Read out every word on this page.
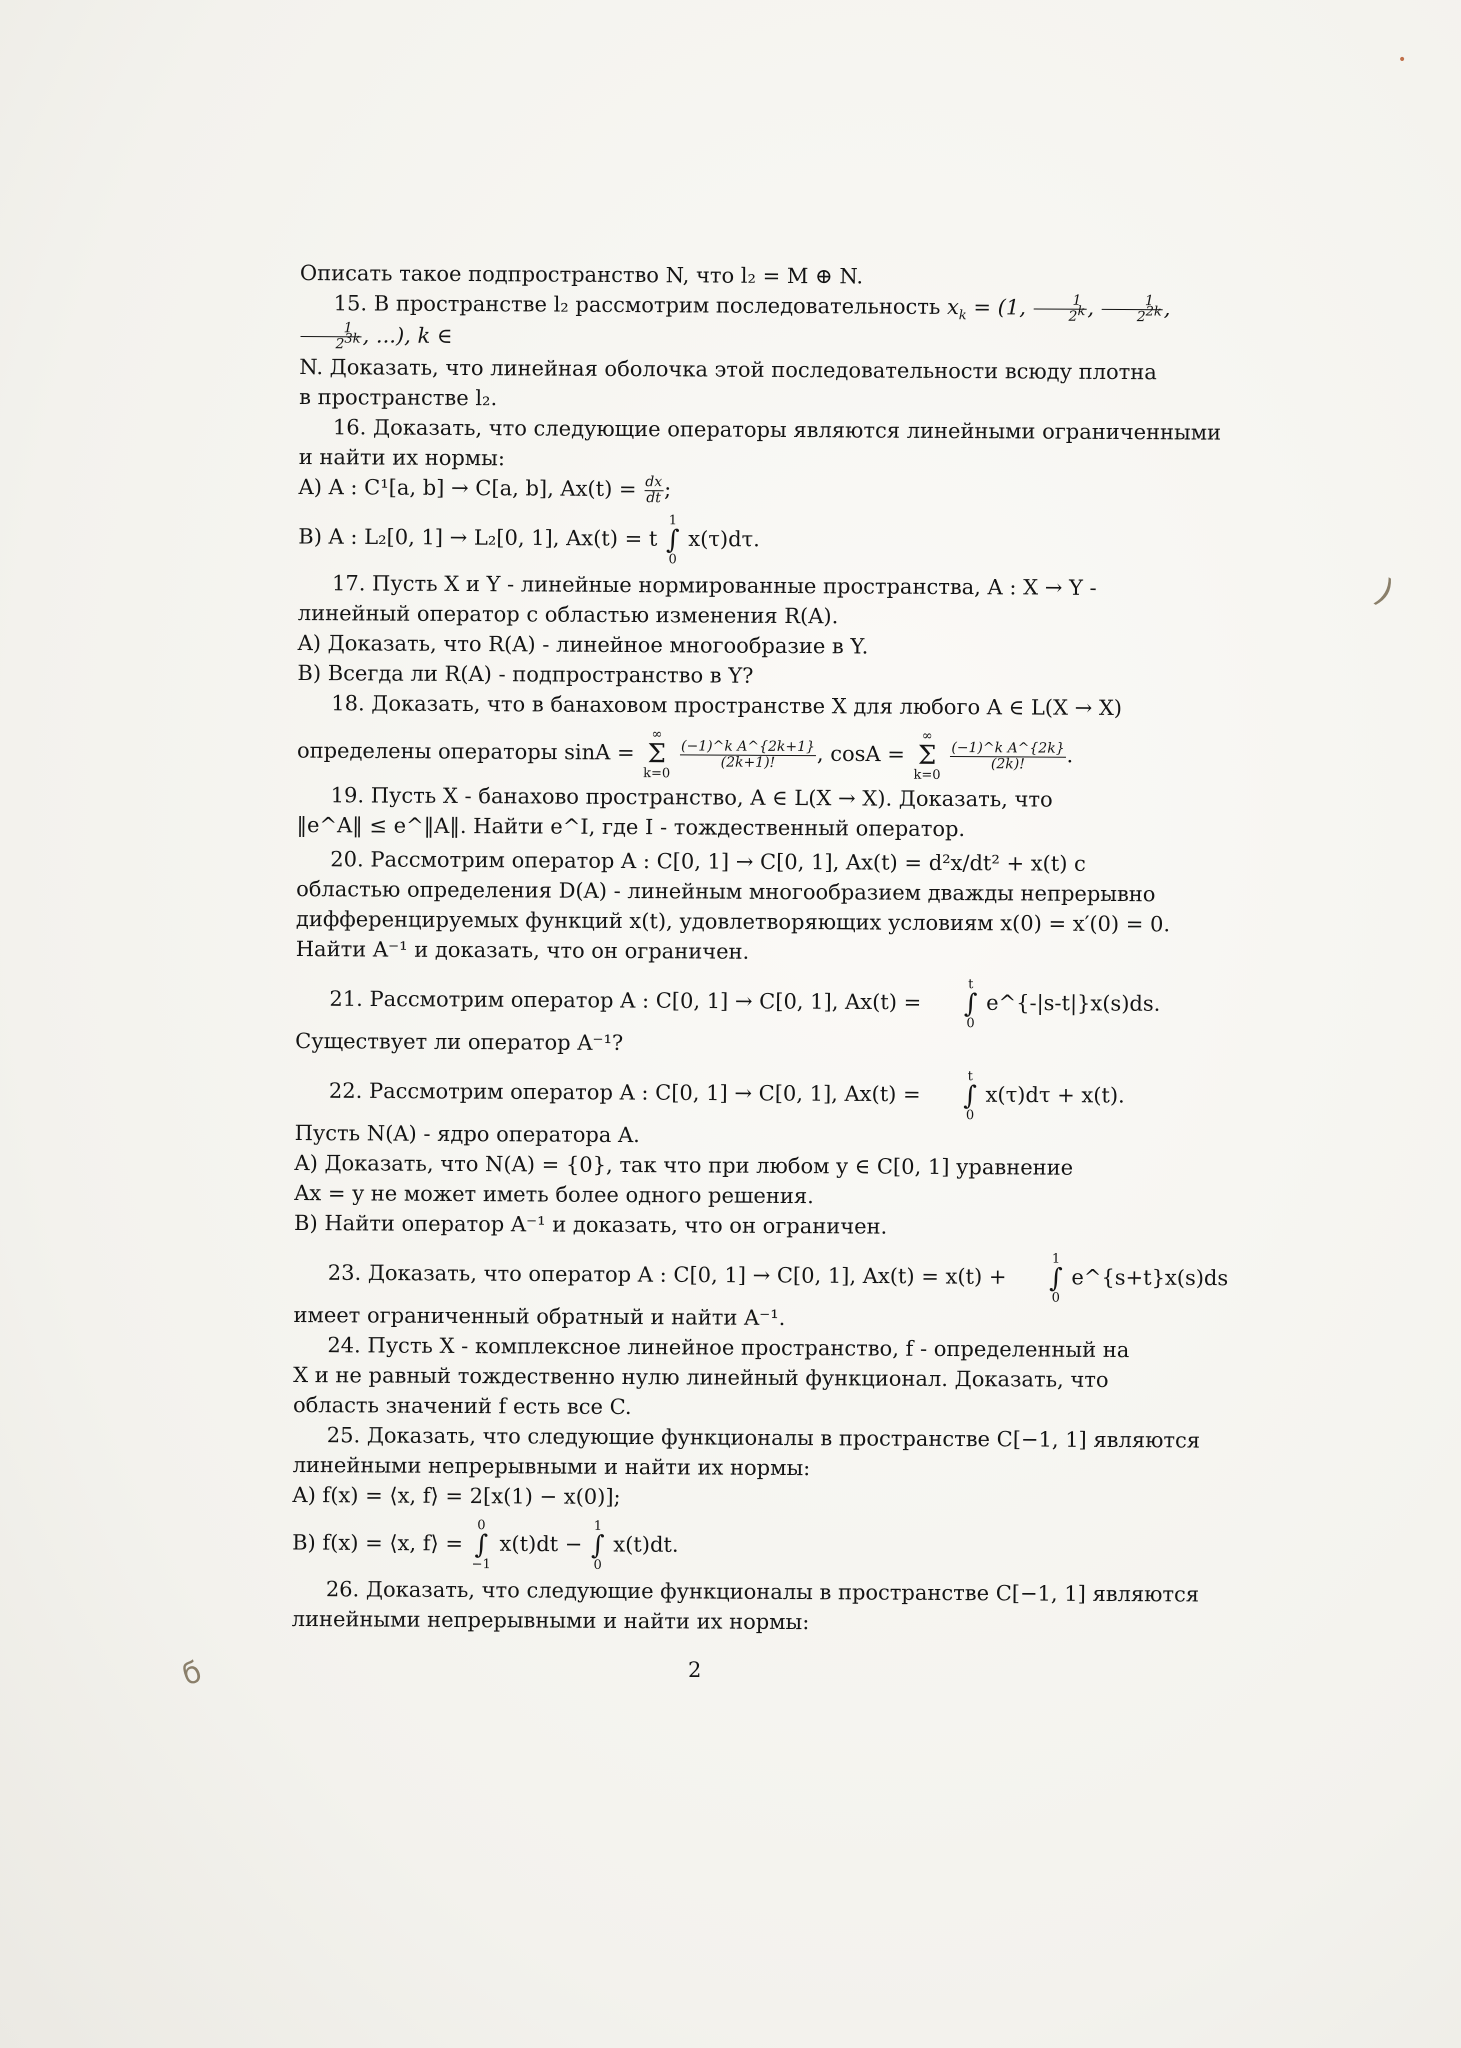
•
ϭ
)

Описать такое подпространство N, что l₂ = M ⊕ N.

15. В пространстве l₂ рассмотрим последовательность $x_k = (1$, $\frac{1}{2^k}$ , $\frac{1}{2^{2k}}$ ,
$\frac{1}{2^{3k}}$ , ...), k ∈

N. Доказать, что линейная оболочка этой последовательности всюду плотна

в пространстве l₂.

16. Доказать, что следующие операторы являются линейными ограниченными

и найти их нормы:

A) A : C¹[a, b] → C[a, b], $Ax(t) = \frac{dx}{dt}$ ;

B) A : L₂[0, 1] → L₂[0, 1], Ax(t) = t
1
∫
0
x(τ)dτ.

17. Пусть X и Y - линейные нормированные пространства, A : X → Y -

линейный оператор с областью изменения R(A).

A) Доказать, что R(A) - линейное многообразие в Y.

B) Всегда ли R(A) - подпространство в Y?

18. Доказать, что в банаховом пространстве X для любого A ∈ L(X → X)

определены операторы sinA =
∞
Σ
k=0

$\frac{\text{(−1)\textasciicircum{}k A\textasciicircum{}\{2k+1\}}}{(2k+1)!}$ , cosA =
∞
Σ
k=0

$\frac{\text{(−1)\textasciicircum{}k A\textasciicircum{}\{2k\}}}{(2k)!}$ .

19. Пусть X - банахово пространство, A ∈ L(X → X). Доказать, что

‖e^A‖ ≤ e^‖A‖. Найти e^I, где I - тождественный оператор.

20. Рассмотрим оператор A : C[0, 1] → C[0, 1], Ax(t) = d²x/dt² + x(t) с

областью определения D(A) - линейным многообразием дважды непрерывно

дифференцируемых функций x(t), удовлетворяющих условиям x(0) = x′(0) = 0.

Найти A⁻¹ и доказать, что он ограничен.

21. Рассмотрим оператор A : C[0, 1] → C[0, 1], Ax(t) =
t
∫
0
e^{-|s-t|}x(s)ds.

Существует ли оператор A⁻¹?

22. Рассмотрим оператор A : C[0, 1] → C[0, 1], Ax(t) =
t
∫
0
x(τ)dτ + x(t).

Пусть N(A) - ядро оператора A.

A) Доказать, что N(A) = {0}, так что при любом y ∈ C[0, 1] уравнение

Ax = y не может иметь более одного решения.

B) Найти оператор A⁻¹ и доказать, что он ограничен.

23. Доказать, что оператор A : C[0, 1] → C[0, 1], Ax(t) = x(t) +
1
∫
0
e^{s+t}x(s)ds

имеет ограниченный обратный и найти A⁻¹.

24. Пусть X - комплексное линейное пространство, f - определенный на

X и не равный тождественно нулю линейный функционал. Доказать, что

область значений f есть все C.

25. Доказать, что следующие функционалы в пространстве C[−1, 1] являются

линейными непрерывными и найти их нормы:

A) f(x) = ⟨x, f⟩ = 2[x(1) − x(0)];

B) f(x) = ⟨x, f⟩ =
0
∫
−1
x(t)dt −
1
∫
0
x(t)dt.

26. Доказать, что следующие функционалы в пространстве C[−1, 1] являются

линейными непрерывными и найти их нормы:

2
